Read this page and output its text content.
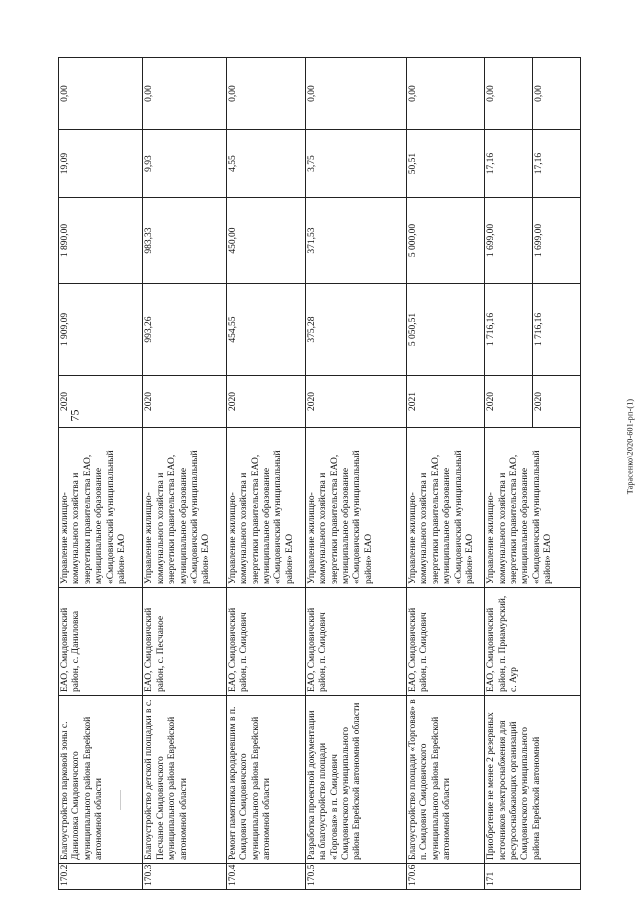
75	Тарасенко\2020-601-рп-(1)
170.2	Благоустройство парковой зоны с. Даниловка Смидовичского муниципального района Еврейской автономной области	ЕАО, Смидовичский район, с. Даниловка	Управление жилищно-коммунального хозяйства и энергетики правительства ЕАО, муниципальное образование «Смидовичский муниципальный район» ЕАО	2020	1 909,09	1 890,00	19,09	0,00
170.3	Благоустройство детской площадки в с. Песчаное Смидовичского муниципального района Еврейской автономной области	ЕАО, Смидовичский район, с. Песчаное	Управление жилищно-коммунального хозяйства и энергетики правительства ЕАО, муниципальное образование «Смидовичский муниципальный район» ЕАО	2020	993,26	983,33	9,93	0,00
170.4	Ремонт памятника икродаревшим в п. Смидович Смидовичского муниципального района Еврейской автономной области	ЕАО, Смидовичский район, п. Смидович	Управление жилищно-коммунального хозяйства и энергетики правительства ЕАО, муниципальное образование «Смидовичский муниципальный район» ЕАО	2020	454,55	450,00	4,55	0,00
170.5	Разработка проектной документации на благоустройство площади «Торговая» в п. Смидович Смидовичского муниципального района Еврейской автономной области	ЕАО, Смидовичский район, п. Смидович	Управление жилищно-коммунального хозяйства и энергетики правительства ЕАО, муниципальное образование «Смидовичский муниципальный район» ЕАО	2020	375,28	371,53	3,75	0,00
170.6	Благоустройство площади «Торговая» в п. Смидович Смидовичского муниципального района Еврейской автономной области	ЕАО, Смидовичский район, п. Смидович	Управление жилищно-коммунального хозяйства и энергетики правительства ЕАО, муниципальное образование «Смидовичский муниципальный район» ЕАО	2021	5 050,51	5 000,00	50,51	0,00
171	Приобретение не менее 2 резервных источников электроснабжения для ресурсоснабжающих организаций Смидовичского муниципального района Еврейской автономной	ЕАО, Смидовичский район, п. Приамурский, с. Аур	Управление жилищно-коммунального хозяйства и энергетики правительства ЕАО, муниципальное образование «Смидовичский муниципальный район» ЕАО	2020	1 716,16	1 699,00	17,16	0,00
				2020	1 716,16	1 699,00	17,16	0,00
